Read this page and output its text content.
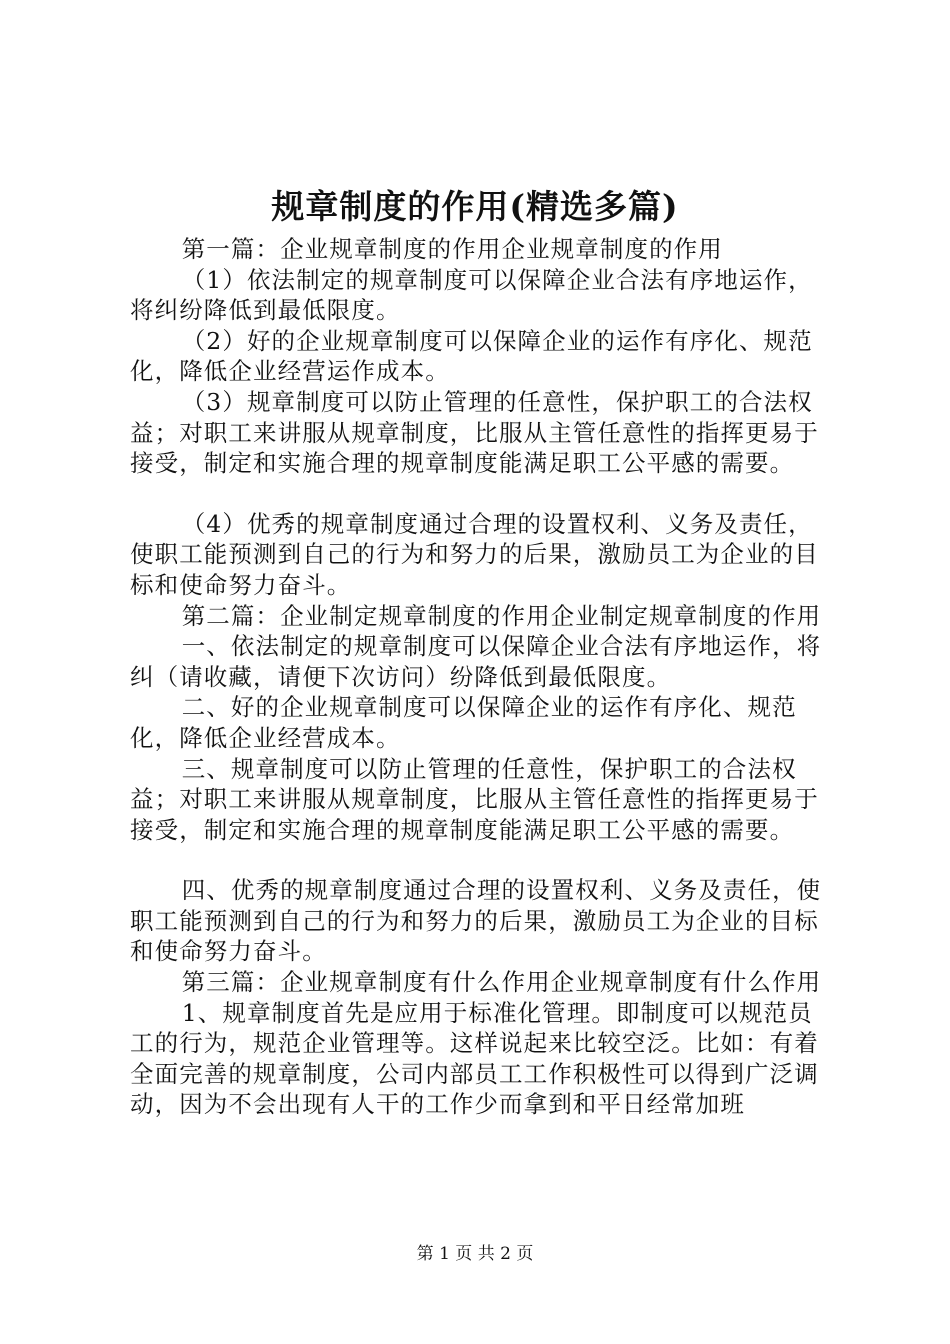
规章制度的作用(精选多篇)

第一篇：企业规章制度的作用企业规章制度的作用

（1）依法制定的规章制度可以保障企业合法有序地运作，将纠纷降低到最低限度。

（2）好的企业规章制度可以保障企业的运作有序化、规范化，降低企业经营运作成本。

（3）规章制度可以防止管理的任意性，保护职工的合法权益；对职工来讲服从规章制度，比服从主管任意性的指挥更易于接受，制定和实施合理的规章制度能满足职工公平感的需要。

（4）优秀的规章制度通过合理的设置权利、义务及责任，使职工能预测到自己的行为和努力的后果，激励员工为企业的目标和使命努力奋斗。

第二篇：企业制定规章制度的作用企业制定规章制度的作用

一、依法制定的规章制度可以保障企业合法有序地运作，将纠（请收藏，请便下次访问）纷降低到最低限度。

二、好的企业规章制度可以保障企业的运作有序化、规范化，降低企业经营成本。

三、规章制度可以防止管理的任意性，保护职工的合法权益；对职工来讲服从规章制度，比服从主管任意性的指挥更易于接受，制定和实施合理的规章制度能满足职工公平感的需要。

四、优秀的规章制度通过合理的设置权利、义务及责任，使职工能预测到自己的行为和努力的后果，激励员工为企业的目标和使命努力奋斗。

第三篇：企业规章制度有什么作用企业规章制度有什么作用

1、规章制度首先是应用于标准化管理。即制度可以规范员工的行为，规范企业管理等。这样说起来比较空泛。比如：有着全面完善的规章制度，公司内部员工工作积极性可以得到广泛调动，因为不会出现有人干的工作少而拿到和平日经常加班

第 1 页 共 2 页
